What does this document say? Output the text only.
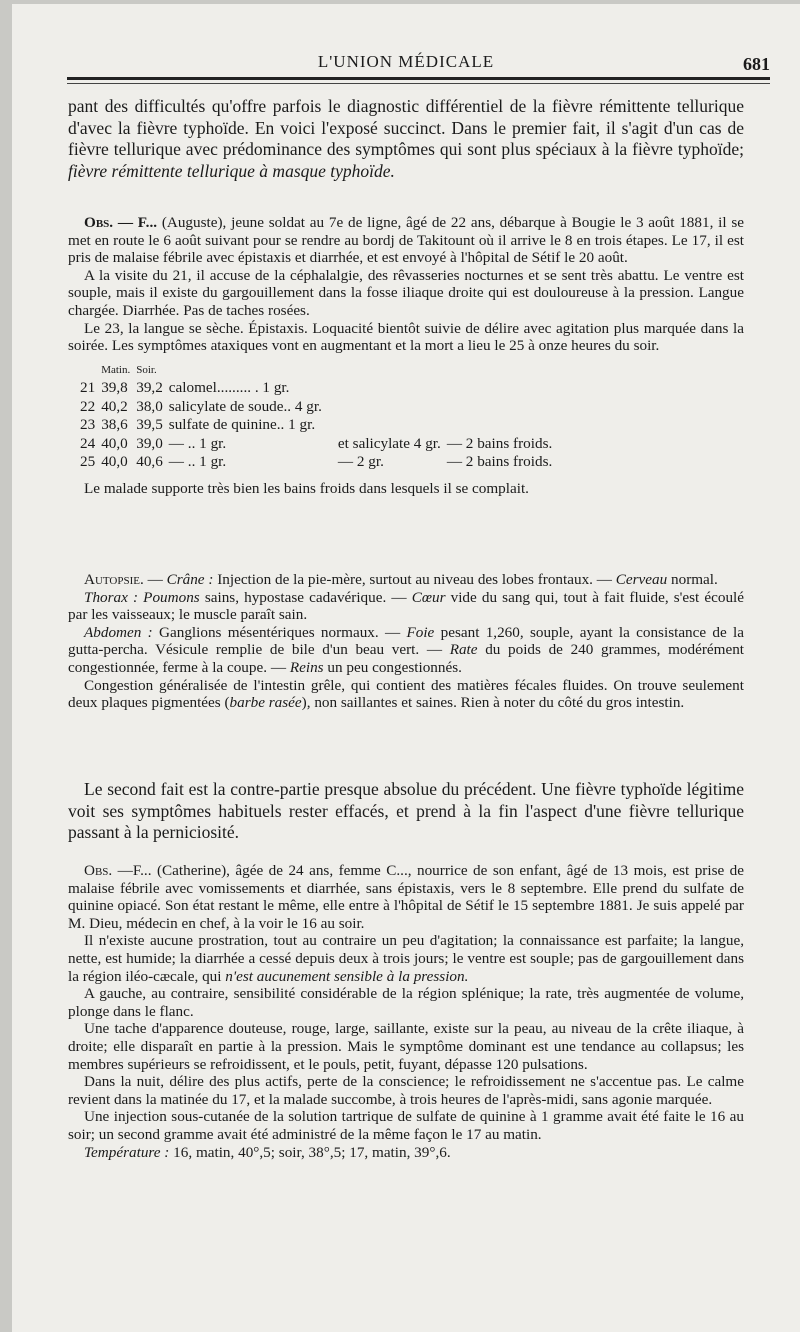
L'UNION MÉDICALE	681

pant des difficultés qu'offre parfois le diagnostic différentiel de la fièvre rémittente tellurique d'avec la fièvre typhoïde. En voici l'exposé succinct. Dans le premier fait, il s'agit d'un cas de fièvre tellurique avec prédominance des symptômes qui sont plus spéciaux à la fièvre typhoïde; fièvre rémittente tellurique à masque typhoïde.

Obs. — F... (Auguste), jeune soldat au 7e de ligne, âgé de 22 ans, débarque à Bougie le 3 août 1881, il se met en route le 6 août suivant pour se rendre au bordj de Takitount où il arrive le 8 en trois étapes. Le 17, il est pris de malaise fébrile avec épistaxis et diarrhée, et est envoyé à l'hôpital de Sétif le 20 août.

A la visite du 21, il accuse de la céphalalgie, des rêvasseries nocturnes et se sent très abattu. Le ventre est souple, mais il existe du gargouillement dans la fosse iliaque droite qui est douloureuse à la pression. Langue chargée. Diarrhée. Pas de taches rosées.

Le 23, la langue se sèche. Épistaxis. Loquacité bientôt suivie de délire avec agitation plus marquée dans la soirée. Les symptômes ataxiques vont en augmentant et la mort a lieu le 25 à onze heures du soir.

	Matin.	Soir.			
21	39,8	39,2	calomel......... . 1 gr.		
22	40,2	38,0	salicylate de soude.. 4 gr.		
23	38,6	39,5	sulfate de quinine.. 1 gr.		
24	40,0	39,0	— .. 1 gr.	et salicylate 4 gr.	— 2 bains froids.
25	40,0	40,6	— .. 1 gr.	— 2 gr.	— 2 bains froids.

Le malade supporte très bien les bains froids dans lesquels il se complait.

Autopsie. — Crâne : Injection de la pie-mère, surtout au niveau des lobes frontaux. — Cerveau normal.

Thorax : Poumons sains, hypostase cadavérique. — Cœur vide du sang qui, tout à fait fluide, s'est écoulé par les vaisseaux; le muscle paraît sain.

Abdomen : Ganglions mésentériques normaux. — Foie pesant 1,260, souple, ayant la consistance de la gutta-percha. Vésicule remplie de bile d'un beau vert. — Rate du poids de 240 grammes, modérément congestionnée, ferme à la coupe. — Reins un peu congestionnés.

Congestion généralisée de l'intestin grêle, qui contient des matières fécales fluides. On trouve seulement deux plaques pigmentées (barbe rasée), non saillantes et saines. Rien à noter du côté du gros intestin.

Le second fait est la contre-partie presque absolue du précédent. Une fièvre typhoïde légitime voit ses symptômes habituels rester effacés, et prend à la fin l'aspect d'une fièvre tellurique passant à la perniciosité.

Obs. —F... (Catherine), âgée de 24 ans, femme C..., nourrice de son enfant, âgé de 13 mois, est prise de malaise fébrile avec vomissements et diarrhée, sans épistaxis, vers le 8 septembre. Elle prend du sulfate de quinine opiacé. Son état restant le même, elle entre à l'hôpital de Sétif le 15 septembre 1881. Je suis appelé par M. Dieu, médecin en chef, à la voir le 16 au soir.

Il n'existe aucune prostration, tout au contraire un peu d'agitation; la connaissance est parfaite; la langue, nette, est humide; la diarrhée a cessé depuis deux à trois jours; le ventre est souple; pas de gargouillement dans la région iléo-cæcale, qui n'est aucunement sensible à la pression.

A gauche, au contraire, sensibilité considérable de la région splénique; la rate, très augmentée de volume, plonge dans le flanc.

Une tache d'apparence douteuse, rouge, large, saillante, existe sur la peau, au niveau de la crête iliaque, à droite; elle disparaît en partie à la pression. Mais le symptôme dominant est une tendance au collapsus; les membres supérieurs se refroidissent, et le pouls, petit, fuyant, dépasse 120 pulsations.

Dans la nuit, délire des plus actifs, perte de la conscience; le refroidissement ne s'accentue pas. Le calme revient dans la matinée du 17, et la malade succombe, à trois heures de l'après-midi, sans agonie marquée.

Une injection sous-cutanée de la solution tartrique de sulfate de quinine à 1 gramme avait été faite le 16 au soir; un second gramme avait été administré de la même façon le 17 au matin.

Température : 16, matin, 40°,5; soir, 38°,5; 17, matin, 39°,6.
